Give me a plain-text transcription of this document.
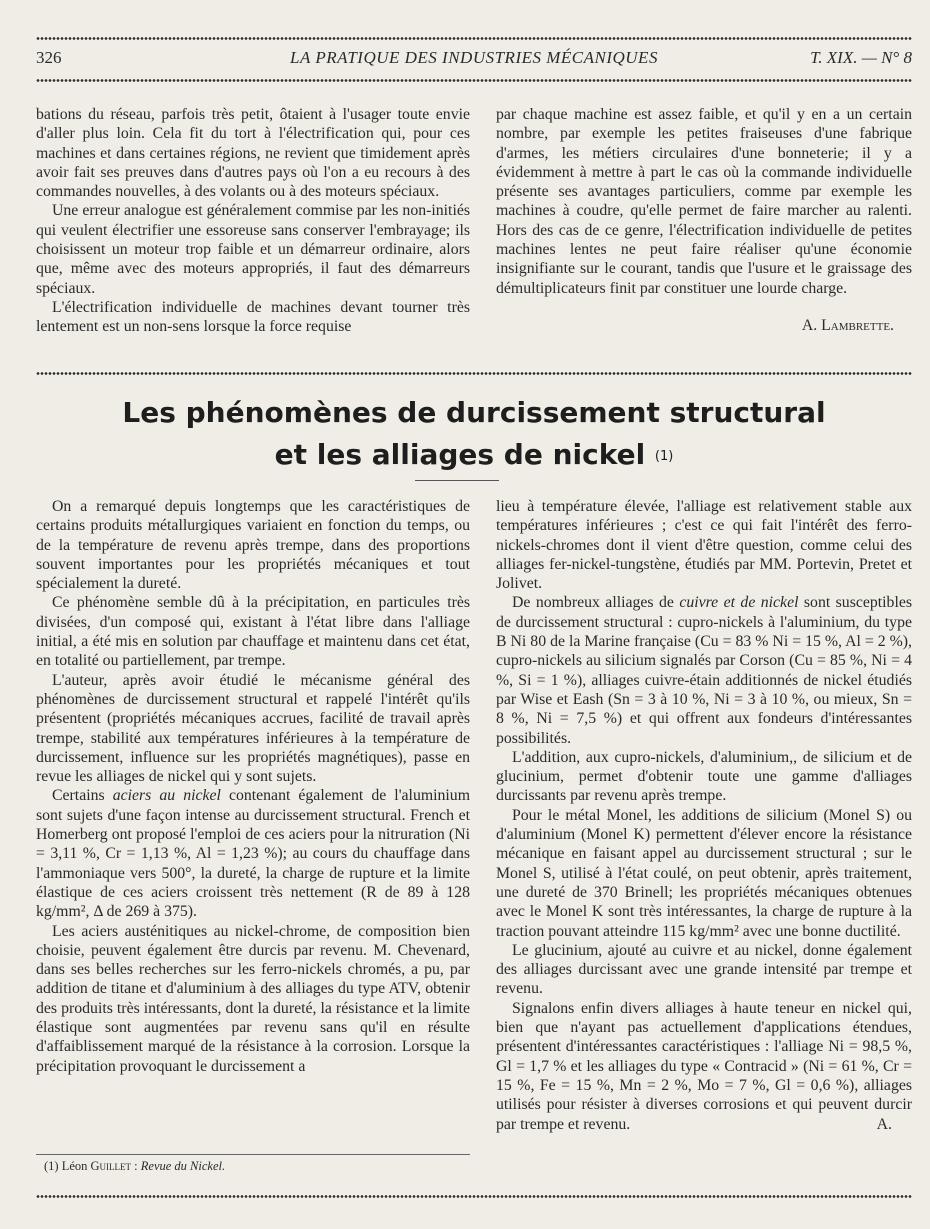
326	LA PRATIQUE DES INDUSTRIES MÉCANIQUES	T. XIX. — N° 8

bations du réseau, parfois très petit, ôtaient à l'usager toute envie d'aller plus loin. Cela fit du tort à l'électrification qui, pour ces machines et dans certaines régions, ne revient que timidement après avoir fait ses preuves dans d'autres pays où l'on a eu recours à des commandes nouvelles, à des volants ou à des moteurs spéciaux.

Une erreur analogue est généralement commise par les non-initiés qui veulent électrifier une essoreuse sans conserver l'embrayage; ils choisissent un moteur trop faible et un démarreur ordinaire, alors que, même avec des moteurs appropriés, il faut des démarreurs spéciaux.

L'électrification individuelle de machines devant tourner très lentement est un non-sens lorsque la force requise

par chaque machine est assez faible, et qu'il y en a un certain nombre, par exemple les petites fraiseuses d'une fabrique d'armes, les métiers circulaires d'une bonneterie; il y a évidemment à mettre à part le cas où la commande individuelle présente ses avantages particuliers, comme par exemple les machines à coudre, qu'elle permet de faire marcher au ralenti. Hors des cas de ce genre, l'électrification individuelle de petites machines lentes ne peut faire réaliser qu'une économie insignifiante sur le courant, tandis que l'usure et le graissage des démultiplicateurs finit par constituer une lourde charge.

A. Lambrette.

Les phénomènes de durcissement structural
et les alliages de nickel $^{(1)}$

On a remarqué depuis longtemps que les caractéristiques de certains produits métallurgiques variaient en fonction du temps, ou de la température de revenu après trempe, dans des proportions souvent importantes pour les propriétés mécaniques et tout spécialement la dureté.

Ce phénomène semble dû à la précipitation, en particules très divisées, d'un composé qui, existant à l'état libre dans l'alliage initial, a été mis en solution par chauffage et maintenu dans cet état, en totalité ou partiellement, par trempe.

L'auteur, après avoir étudié le mécanisme général des phénomènes de durcissement structural et rappelé l'intérêt qu'ils présentent (propriétés mécaniques accrues, facilité de travail après trempe, stabilité aux températures inférieures à la température de durcissement, influence sur les propriétés magnétiques), passe en revue les alliages de nickel qui y sont sujets.

Certains aciers au nickel contenant également de l'aluminium sont sujets d'une façon intense au durcissement structural. French et Homerberg ont proposé l'emploi de ces aciers pour la nitruration (Ni = 3,11 %, Cr = 1,13 %, Al = 1,23 %); au cours du chauffage dans l'ammoniaque vers 500°, la dureté, la charge de rupture et la limite élastique de ces aciers croissent très nettement (R de 89 à 128 kg/mm², Δ de 269 à 375).

Les aciers austénitiques au nickel-chrome, de composition bien choisie, peuvent également être durcis par revenu. M. Chevenard, dans ses belles recherches sur les ferro-nickels chromés, a pu, par addition de titane et d'aluminium à des alliages du type ATV, obtenir des produits très intéressants, dont la dureté, la résistance et la limite élastique sont augmentées par revenu sans qu'il en résulte d'affaiblissement marqué de la résistance à la corrosion. Lorsque la précipitation provoquant le durcissement a

lieu à température élevée, l'alliage est relativement stable aux températures inférieures ; c'est ce qui fait l'intérêt des ferro-nickels-chromes dont il vient d'être question, comme celui des alliages fer-nickel-tungstène, étudiés par MM. Portevin, Pretet et Jolivet.

De nombreux alliages de cuivre et de nickel sont susceptibles de durcissement structural : cupro-nickels à l'aluminium, du type B Ni 80 de la Marine française (Cu = 83 % Ni = 15 %, Al = 2 %), cupro-nickels au silicium signalés par Corson (Cu = 85 %, Ni = 4 %, Si = 1 %), alliages cuivre-étain additionnés de nickel étudiés par Wise et Eash (Sn = 3 à 10 %, Ni = 3 à 10 %, ou mieux, Sn = 8 %, Ni = 7,5 %) et qui offrent aux fondeurs d'intéressantes possibilités.

L'addition, aux cupro-nickels, d'aluminium,, de silicium et de glucinium, permet d'obtenir toute une gamme d'alliages durcissants par revenu après trempe.

Pour le métal Monel, les additions de silicium (Monel S) ou d'aluminium (Monel K) permettent d'élever encore la résistance mécanique en faisant appel au durcissement structural ; sur le Monel S, utilisé à l'état coulé, on peut obtenir, après traitement, une dureté de 370 Brinell; les propriétés mécaniques obtenues avec le Monel K sont très intéressantes, la charge de rupture à la traction pouvant atteindre 115 kg/mm² avec une bonne ductilité.

Le glucinium, ajouté au cuivre et au nickel, donne également des alliages durcissant avec une grande intensité par trempe et revenu.

Signalons enfin divers alliages à haute teneur en nickel qui, bien que n'ayant pas actuellement d'applications étendues, présentent d'intéressantes caractéristiques : l'alliage Ni = 98,5 %, Gl = 1,7 % et les alliages du type « Contracid » (Ni = 61 %, Cr = 15 %, Fe = 15 %, Mn = 2 %, Mo = 7 %, Gl = 0,6 %), alliages utilisés pour résister à diverses corrosions et qui peuvent durcir par trempe et revenu.	A.

(1) Léon Guillet : Revue du Nickel.
